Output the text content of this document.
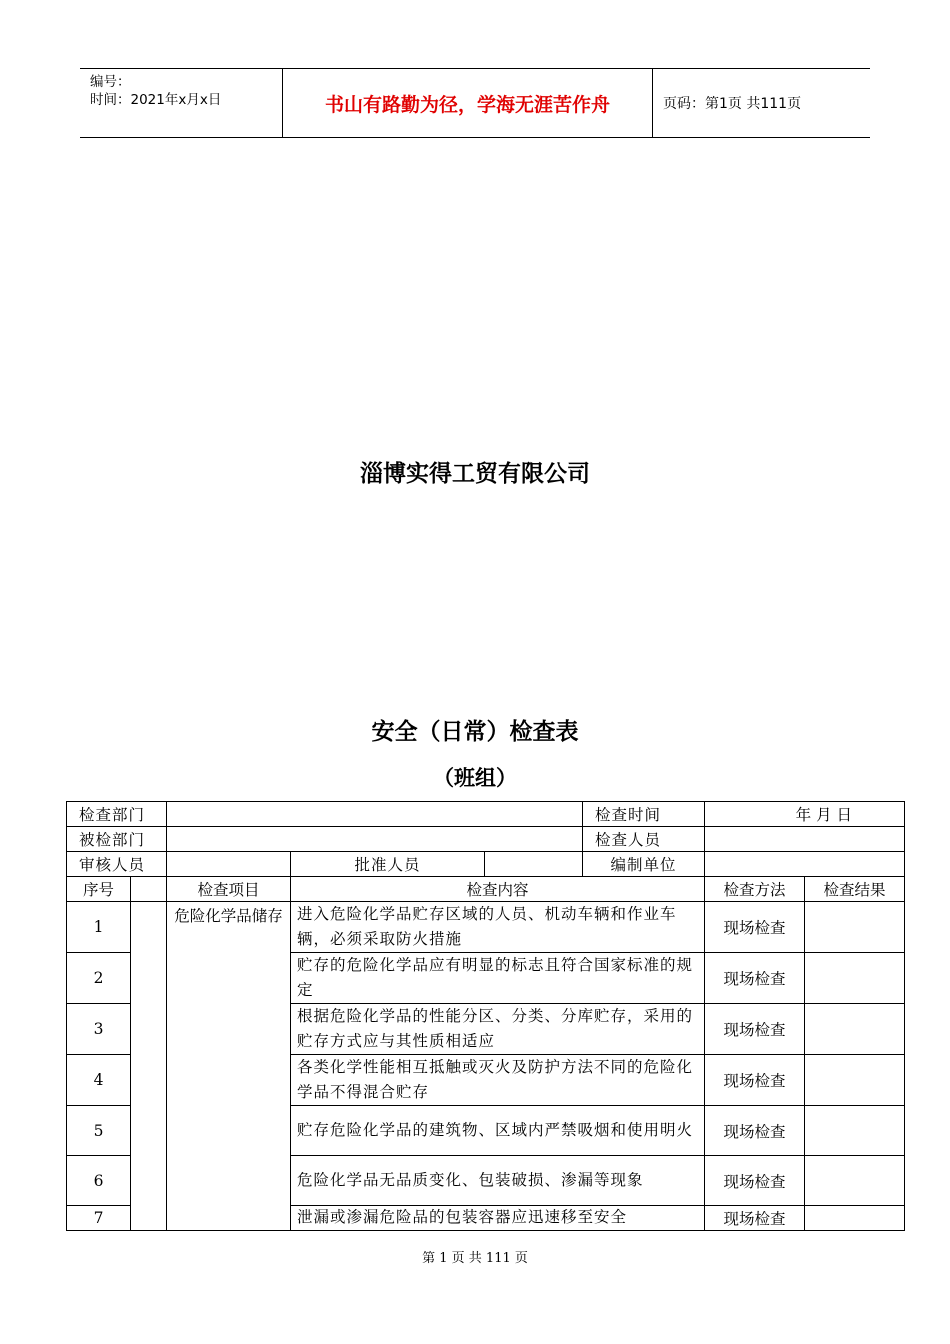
编号：
时间：2021年x月x日	书山有路勤为径，学海无涯苦作舟	页码：第1页 共111页
淄博实得工贸有限公司
安全（日常）检查表
（班组）
检查部门					检查时间	年 月 日	
被检部门					检查人员		
审核人员			批准人员		编制单位		
序号		检查项目	检查内容			检查方法	检查结果
1		危险化学品储存	进入危险化学品贮存区域的人员、机动车辆和作业车辆，必须采取防火措施			现场检查	
2			贮存的危险化学品应有明显的标志且符合国家标准的规定			现场检查	
3			根据危险化学品的性能分区、分类、分库贮存，采用的贮存方式应与其性质相适应			现场检查	
4			各类化学性能相互抵触或灭火及防护方法不同的危险化学品不得混合贮存			现场检查	
5			贮存危险化学品的建筑物、区域内严禁吸烟和使用明火			现场检查	
6			危险化学品无品质变化、包装破损、渗漏等现象			现场检查	
7			泄漏或渗漏危险品的包装容器应迅速移至安全			现场检查	
第 1 页 共 111 页
